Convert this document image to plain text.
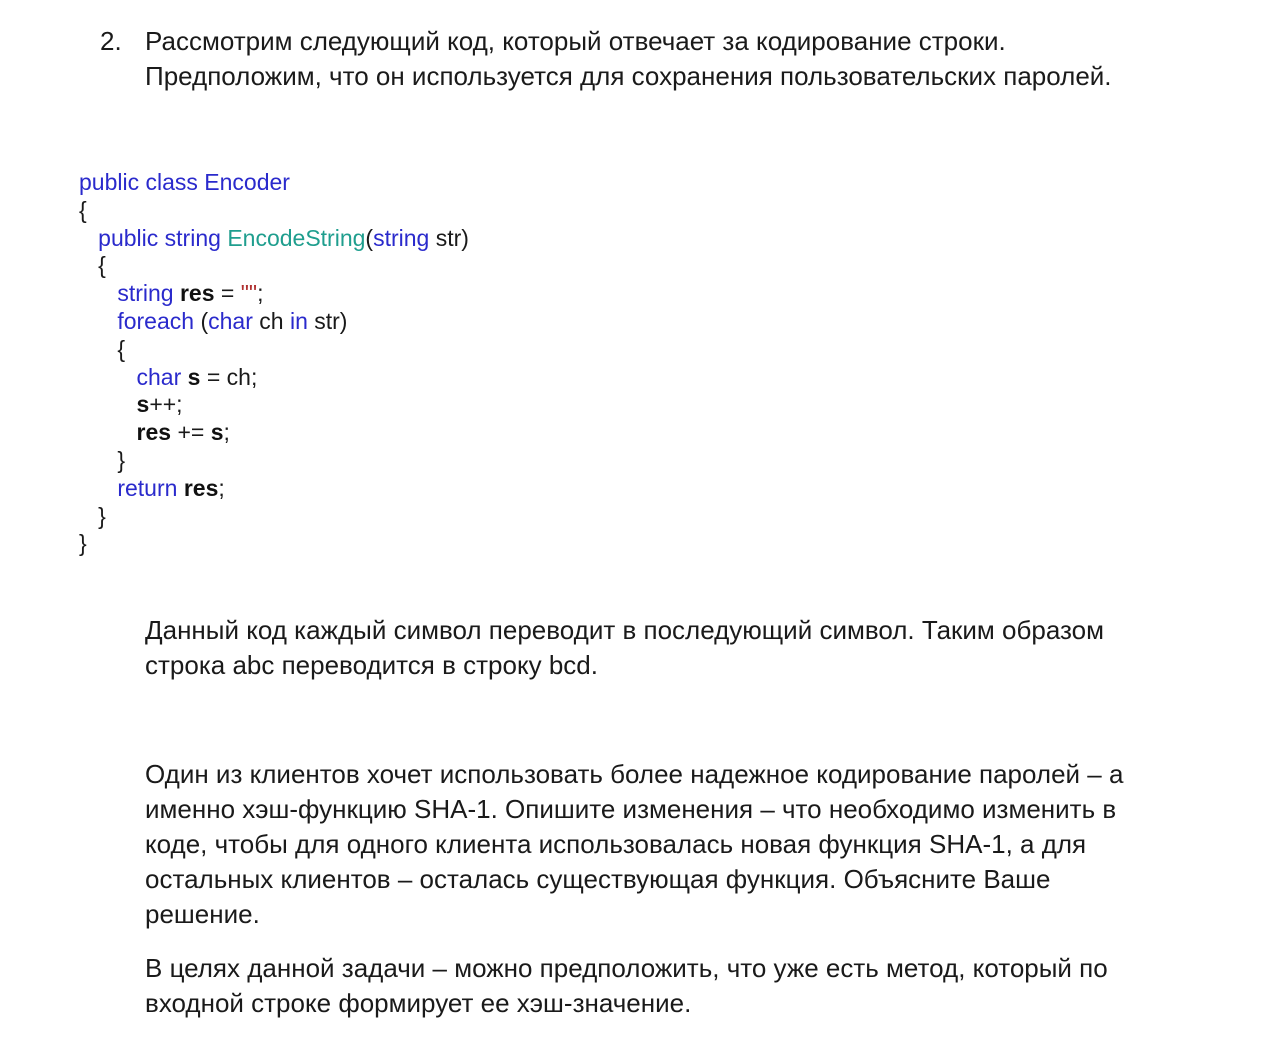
2. Рассмотрим следующий код, который отвечает за кодирование строки.
Предположим, что он используется для сохранения пользовательских паролей.
public class Encoder
{
public string EncodeString(string str)
{
string res = "";
foreach (char ch in str)
{
char s = ch;
s++;
res += s;
}
return res;
}
}
Данный код каждый символ переводит в последующий символ. Таким образом
строка abc переводится в строку bcd.
Один из клиентов хочет использовать более надежное кодирование паролей – а
именно хэш-функцию SHA-1. Опишите изменения – что необходимо изменить в
коде, чтобы для одного клиента использовалась новая функция SHA-1, а для
остальных клиентов – осталась существующая функция. Объясните Ваше
решение.
В целях данной задачи – можно предположить, что уже есть метод, который по
входной строке формирует ее хэш-значение.
